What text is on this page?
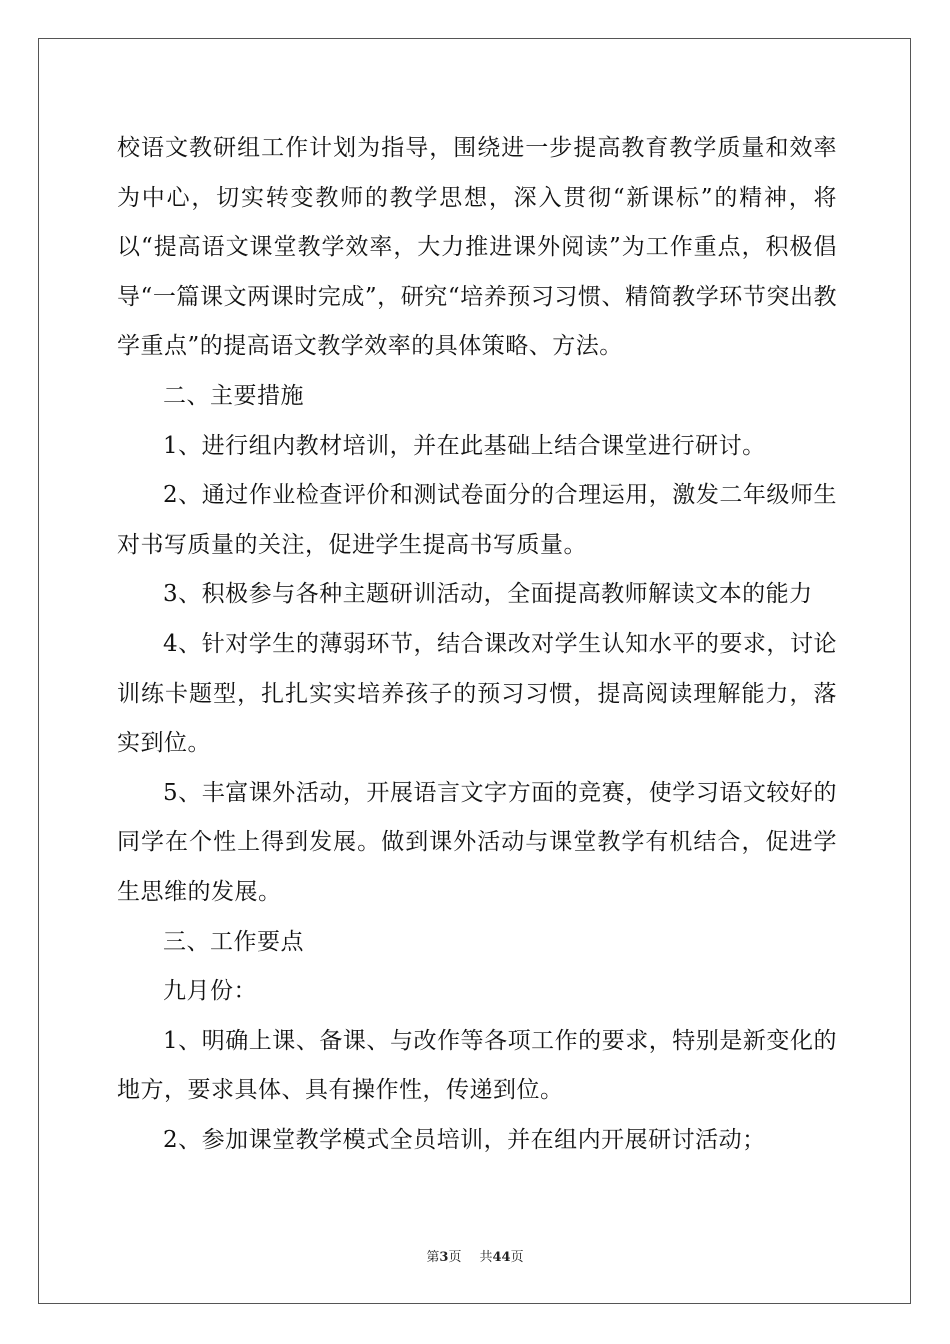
校语文教研组工作计划为指导，围绕进一步提高教育教学质量和效率为中心，切实转变教师的教学思想，深入贯彻“新课标”的精神，将以“提高语文课堂教学效率，大力推进课外阅读”为工作重点，积极倡导“一篇课文两课时完成”，研究“培养预习习惯、精简教学环节突出教学重点”的提高语文教学效率的具体策略、方法。

二、主要措施

1、进行组内教材培训，并在此基础上结合课堂进行研讨。

2、通过作业检查评价和测试卷面分的合理运用，激发二年级师生对书写质量的关注，促进学生提高书写质量。

3、积极参与各种主题研训活动，全面提高教师解读文本的能力

4、针对学生的薄弱环节，结合课改对学生认知水平的要求，讨论训练卡题型，扎扎实实培养孩子的预习习惯，提高阅读理解能力，落实到位。

5、丰富课外活动，开展语言文字方面的竞赛，使学习语文较好的同学在个性上得到发展。做到课外活动与课堂教学有机结合，促进学生思维的发展。

三、工作要点

九月份：

1、明确上课、备课、与改作等各项工作的要求，特别是新变化的地方，要求具体、具有操作性，传递到位。

2、参加课堂教学模式全员培训，并在组内开展研讨活动；

第3页 共44页
